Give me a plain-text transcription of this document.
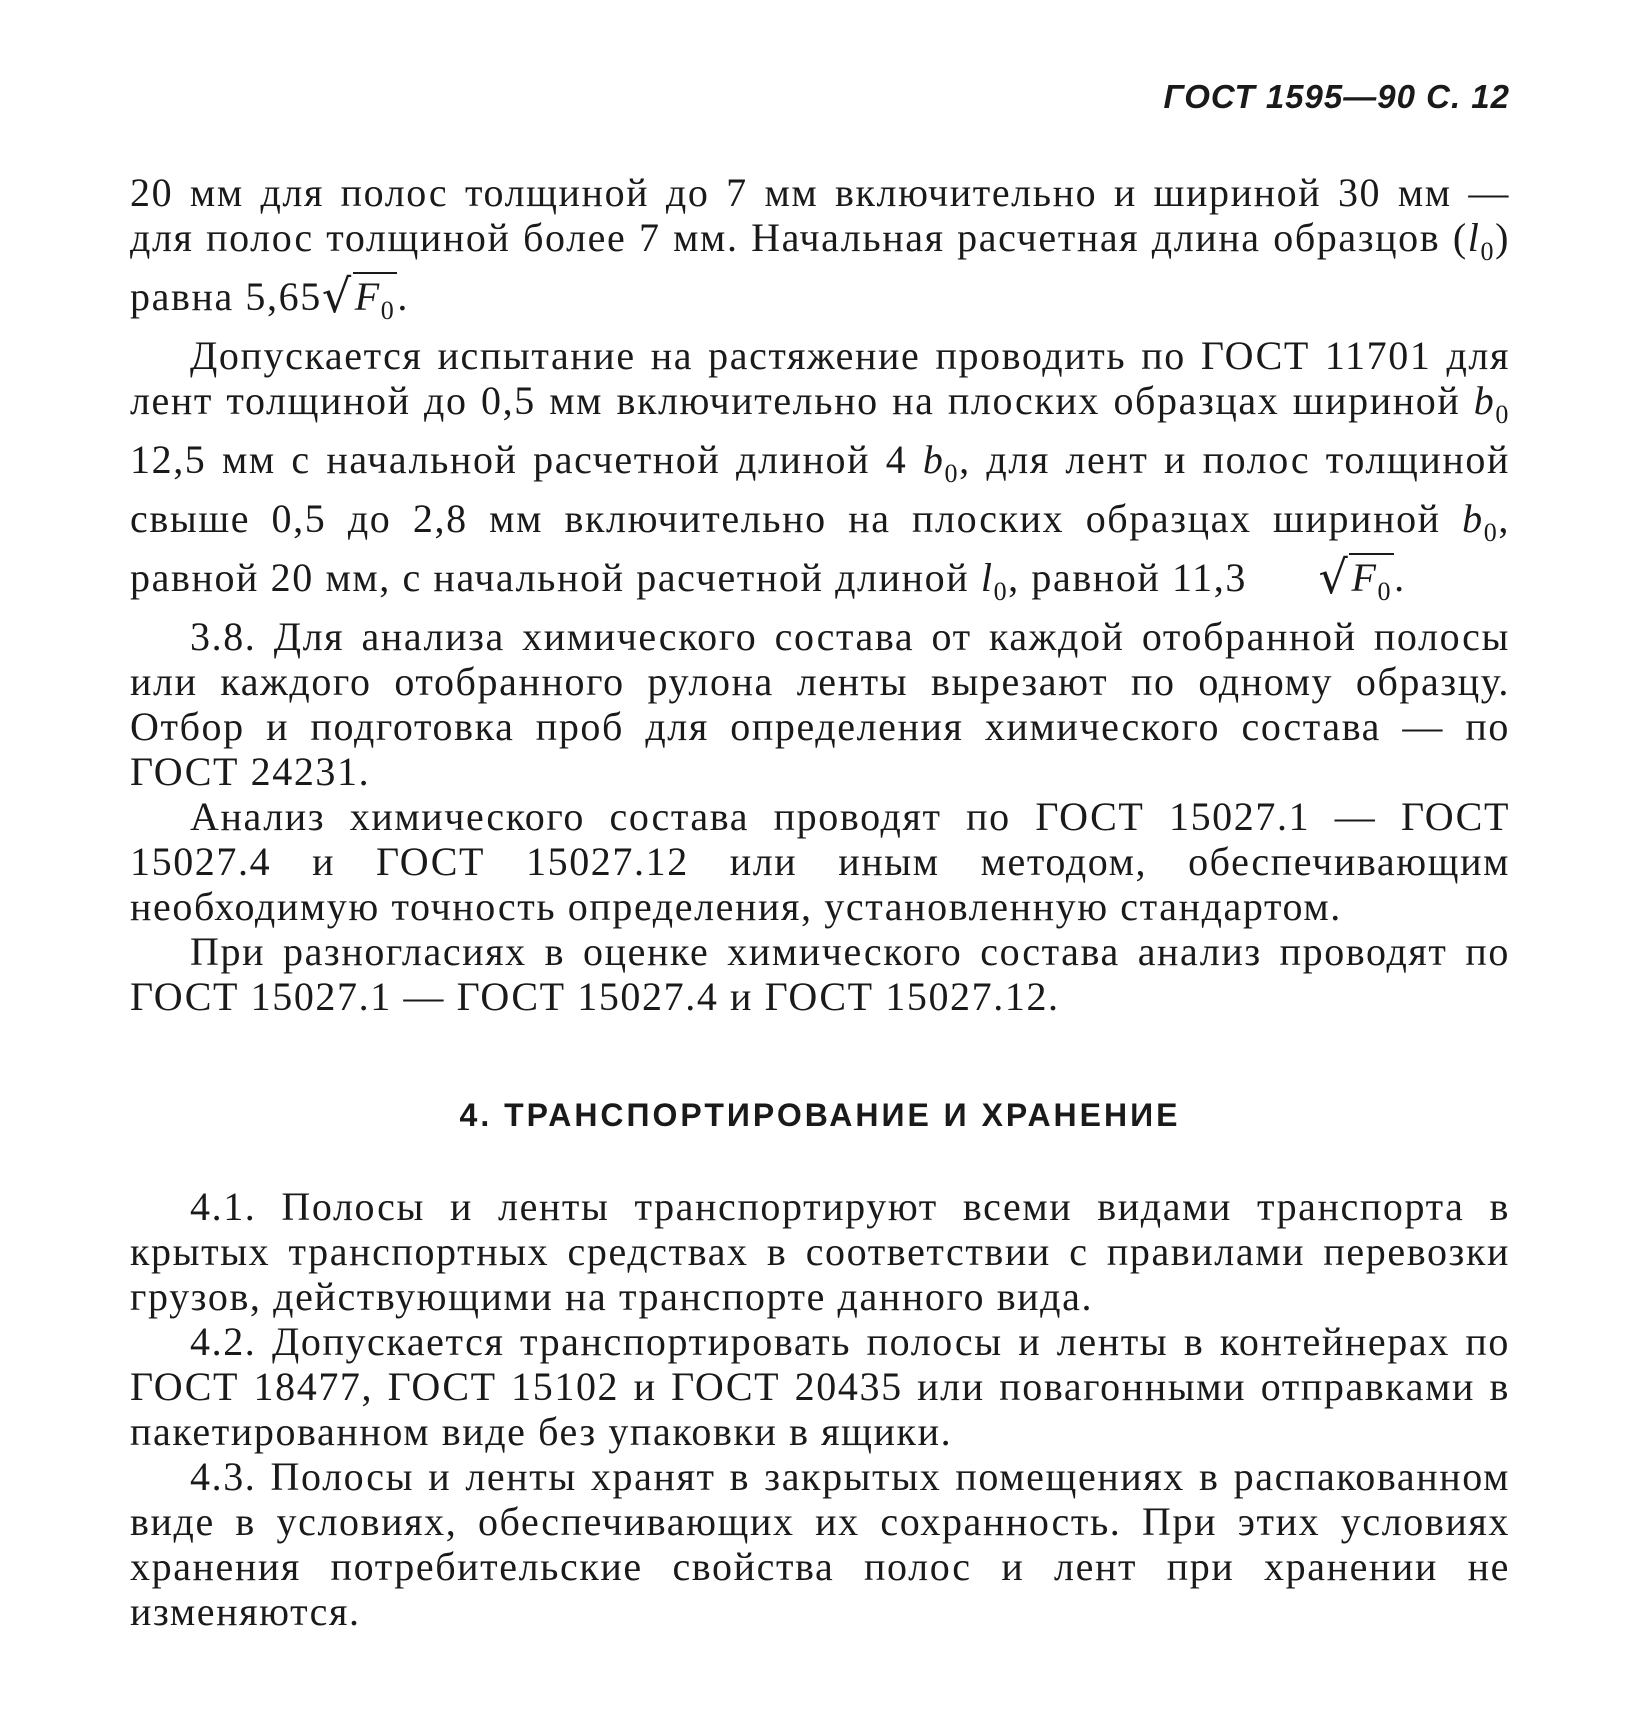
ГОСТ 1595—90 С. 12

20 мм для полос толщиной до 7 мм включительно и шириной 30 мм — для полос толщиной более 7 мм. Начальная расчетная длина образцов $(l_0)$ равна $5,65√F_0$.

Допускается испытание на растяжение проводить по ГОСТ 11701 для лент толщиной до 0,5 мм включительно на плоских образцах шириной $b_0$ 12,5 мм с начальной расчетной длиной 4 $b_0$, для лент и полос толщиной свыше 0,5 до 2,8 мм включительно на плоских образцах шириной $b_0$, равной 20 мм, с начальной расчетной длиной $l_0$, равной 11,3 $√F_0$.

3.8. Для анализа химического состава от каждой отобранной полосы или каждого отобранного рулона ленты вырезают по одному образцу. Отбор и подготовка проб для определения химического состава — по ГОСТ 24231.

Анализ химического состава проводят по ГОСТ 15027.1 — ГОСТ 15027.4 и ГОСТ 15027.12 или иным методом, обеспечивающим необходимую точность определения, установленную стандартом.

При разногласиях в оценке химического состава анализ проводят по ГОСТ 15027.1 — ГОСТ 15027.4 и ГОСТ 15027.12.

4. ТРАНСПОРТИРОВАНИЕ И ХРАНЕНИЕ

4.1. Полосы и ленты транспортируют всеми видами транспорта в крытых транспортных средствах в соответствии с правилами перевозки грузов, действующими на транспорте данного вида.

4.2. Допускается транспортировать полосы и ленты в контейнерах по ГОСТ 18477, ГОСТ 15102 и ГОСТ 20435 или повагонными отправками в пакетированном виде без упаковки в ящики.

4.3. Полосы и ленты хранят в закрытых помещениях в распакованном виде в условиях, обеспечивающих их сохранность. При этих условиях хранения потребительские свойства полос и лент при хранении не изменяются.
